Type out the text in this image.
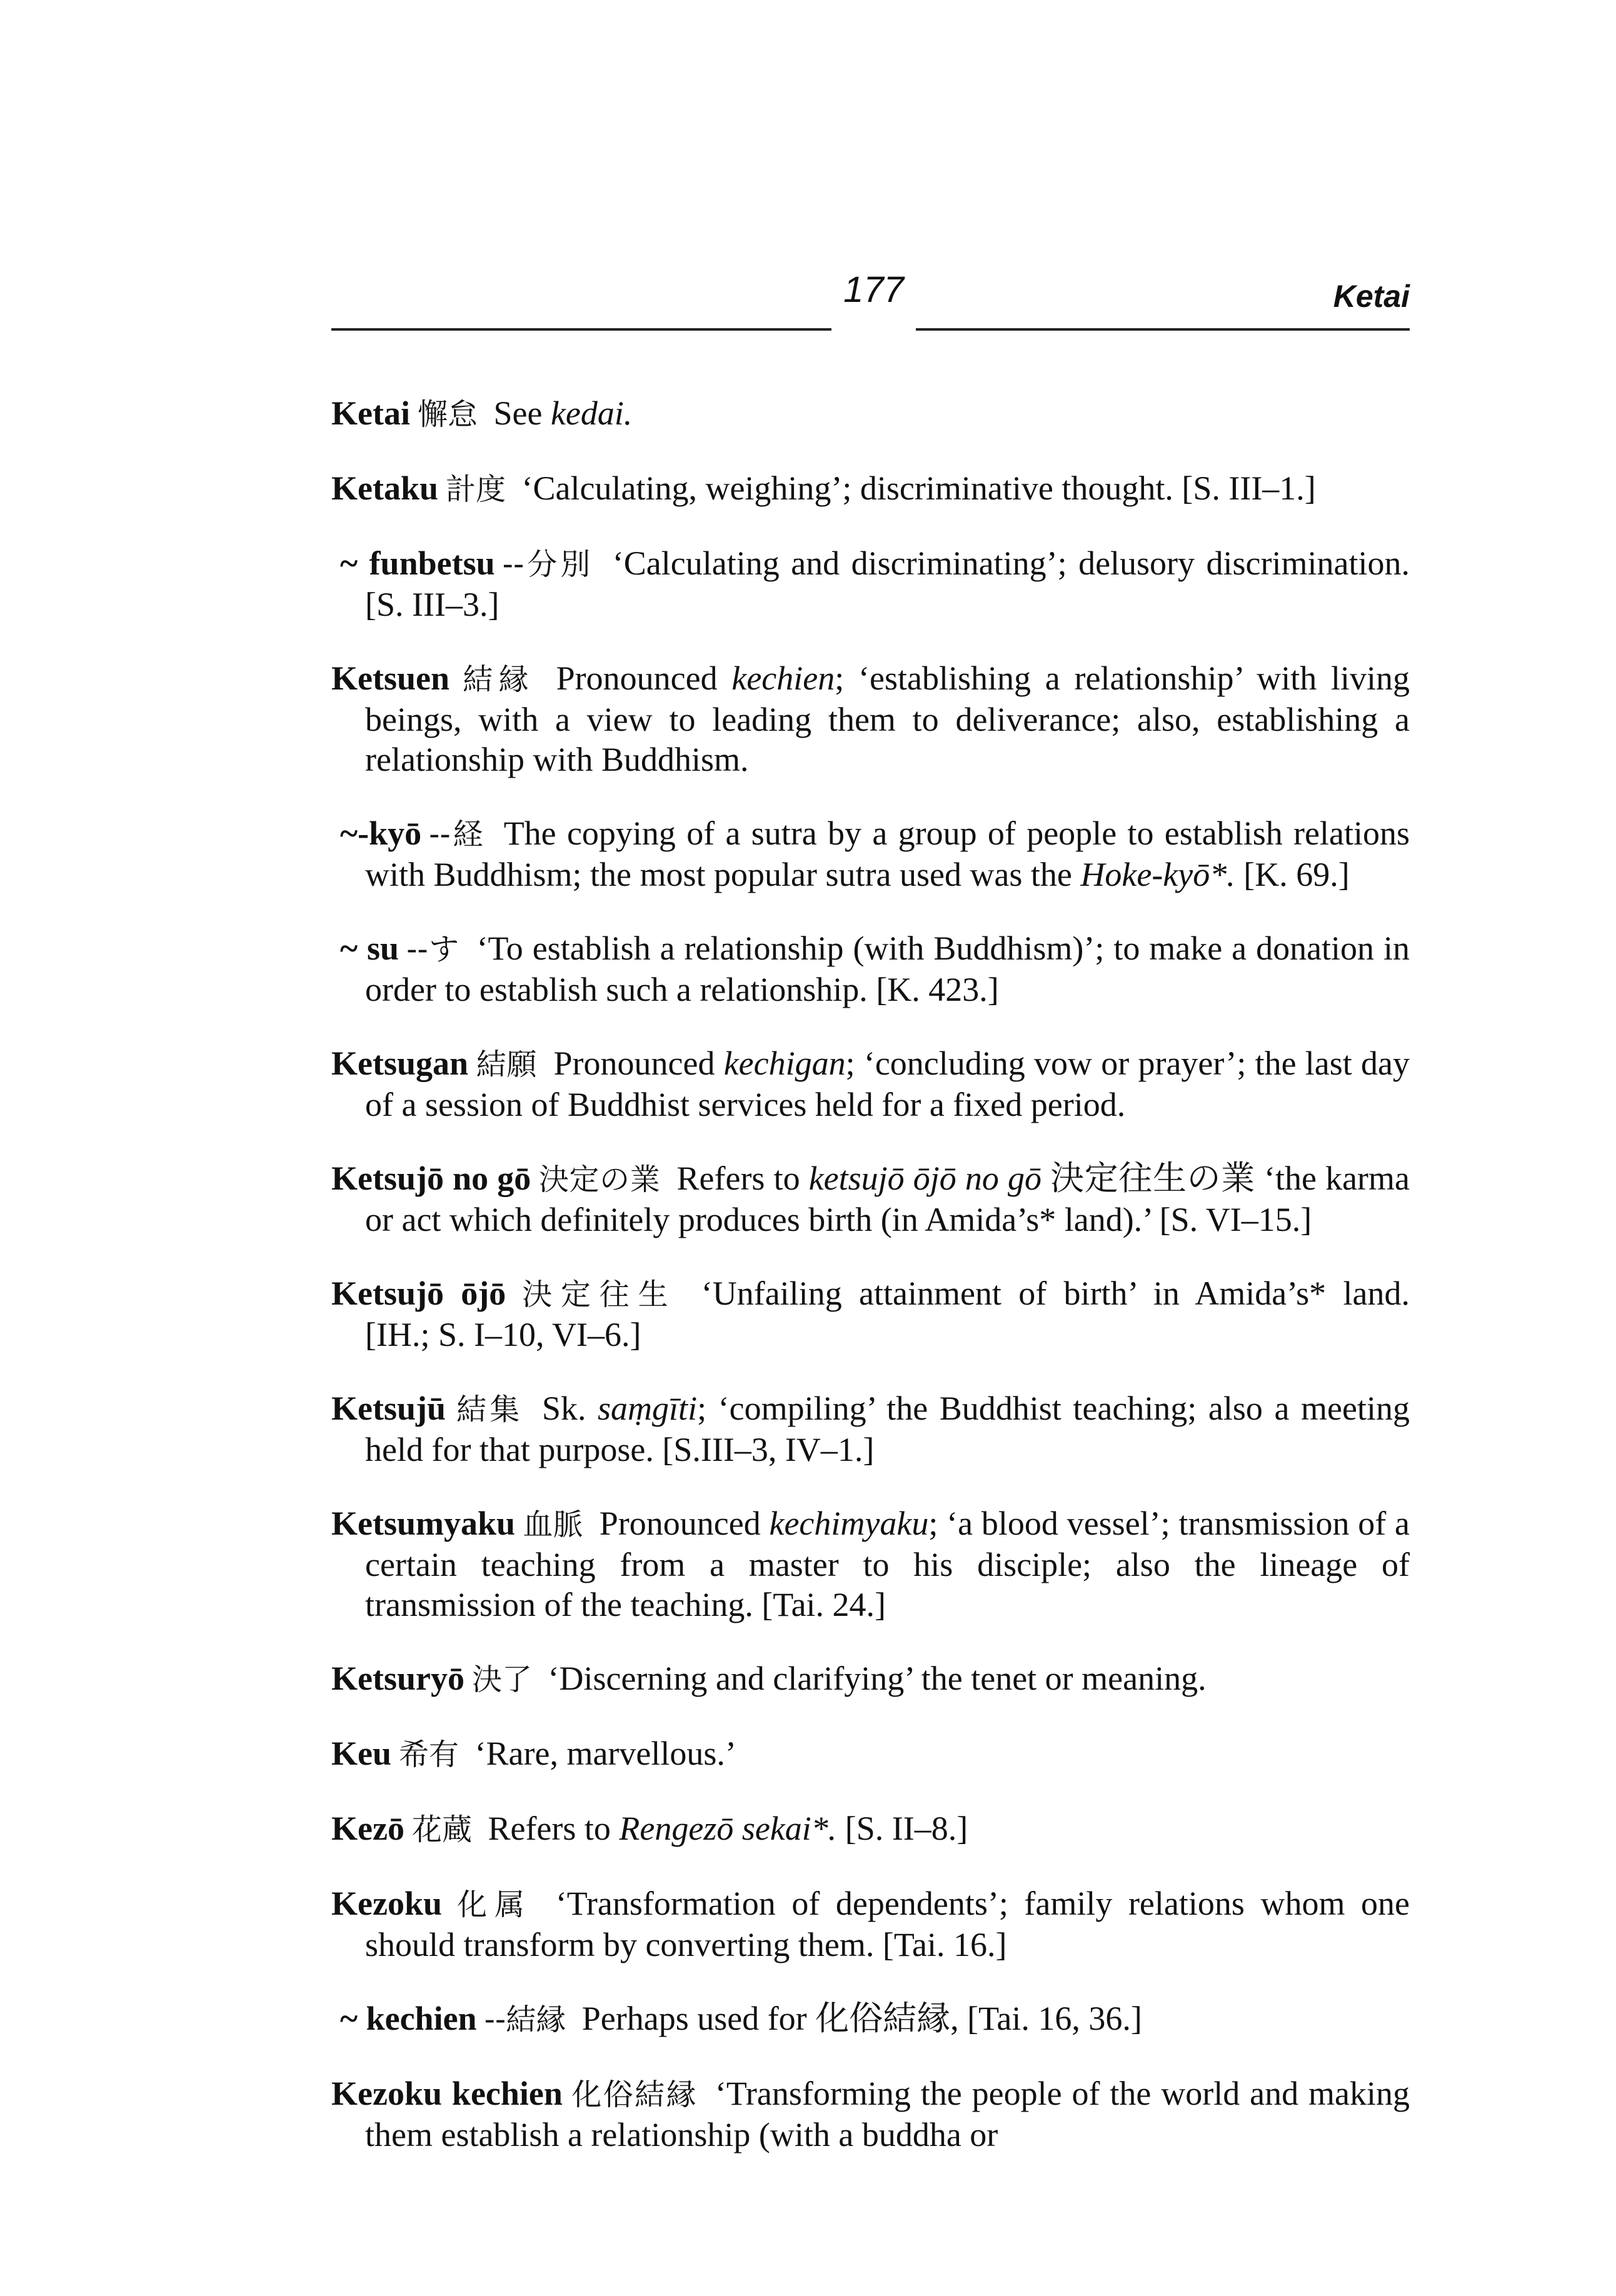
177	Ketai

Ketai 懈怠 See kedai.

Ketaku 計度 ‘Calculating, weighing’; discriminative thought. [S. III–1.]

~ funbetsu --分別 ‘Calculating and discriminating’; delusory discrimination. [S. III–3.]

Ketsuen 結縁 Pronounced kechien; ‘establishing a relationship’ with living beings, with a view to leading them to deliverance; also, establishing a relationship with Buddhism.

~-kyō --経 The copying of a sutra by a group of people to establish relations with Buddhism; the most popular sutra used was the Hoke-kyō*. [K. 69.]

~ su --す ‘To establish a relationship (with Buddhism)’; to make a donation in order to establish such a relationship. [K. 423.]

Ketsugan 結願 Pronounced kechigan; ‘concluding vow or prayer’; the last day of a session of Buddhist services held for a fixed period.

Ketsujō no gō 決定の業 Refers to ketsujō ōjō no gō 決定往生の業 ‘the karma or act which definitely produces birth (in Amida’s* land).’ [S. VI–15.]

Ketsujō ōjō 決定往生 ‘Unfailing attainment of birth’ in Amida’s* land. [IH.; S. I–10, VI–6.]

Ketsujū 結集 Sk. saṃgīti; ‘compiling’ the Buddhist teaching; also a meeting held for that purpose. [S.III–3, IV–1.]

Ketsumyaku 血脈 Pronounced kechimyaku; ‘a blood vessel’; transmission of a certain teaching from a master to his disciple; also the lineage of transmission of the teaching. [Tai. 24.]

Ketsuryō 決了 ‘Discerning and clarifying’ the tenet or meaning.

Keu 希有 ‘Rare, marvellous.’

Kezō 花蔵 Refers to Rengezō sekai*. [S. II–8.]

Kezoku 化属 ‘Transformation of dependents’; family relations whom one should transform by converting them. [Tai. 16.]

~ kechien --結縁 Perhaps used for 化俗結縁, [Tai. 16, 36.]

Kezoku kechien 化俗結縁 ‘Transforming the people of the world and making them establish a relationship (with a buddha or
